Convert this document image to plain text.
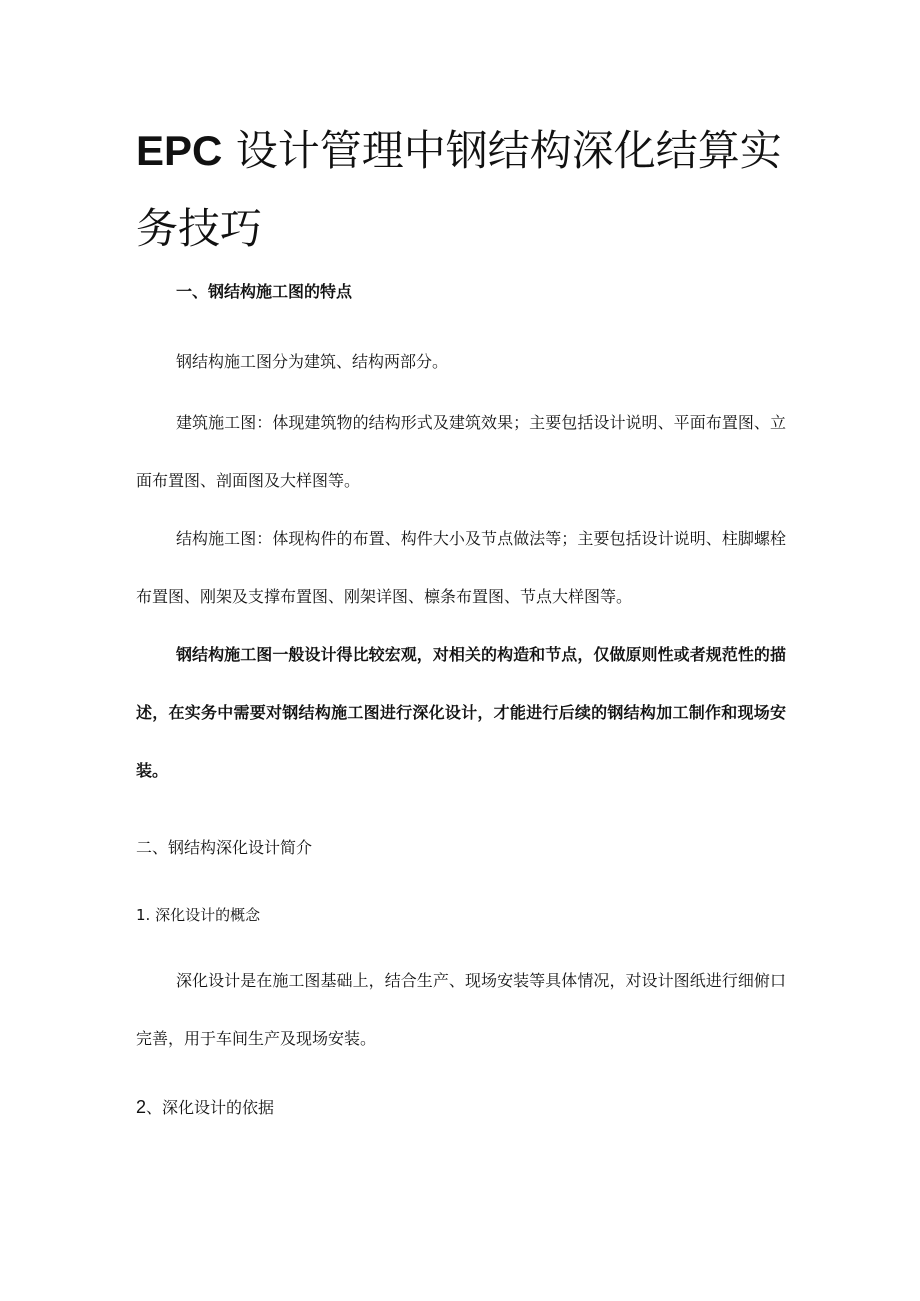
EPC 设计管理中钢结构深化结算实务技巧
一、钢结构施工图的特点

钢结构施工图分为建筑、结构两部分。

建筑施工图：体现建筑物的结构形式及建筑效果；主要包括设计说明、平面布置图、立面布置图、剖面图及大样图等。

结构施工图：体现构件的布置、构件大小及节点做法等；主要包括设计说明、柱脚螺栓布置图、刚架及支撑布置图、刚架详图、檩条布置图、节点大样图等。

钢结构施工图一般设计得比较宏观，对相关的构造和节点，仅做原则性或者规范性的描述，在实务中需要对钢结构施工图进行深化设计，才能进行后续的钢结构加工制作和现场安装。

二、钢结构深化设计简介
1. 深化设计的概念

深化设计是在施工图基础上，结合生产、现场安装等具体情况，对设计图纸进行细俯口完善，用于车间生产及现场安装。

2、深化设计的依据
